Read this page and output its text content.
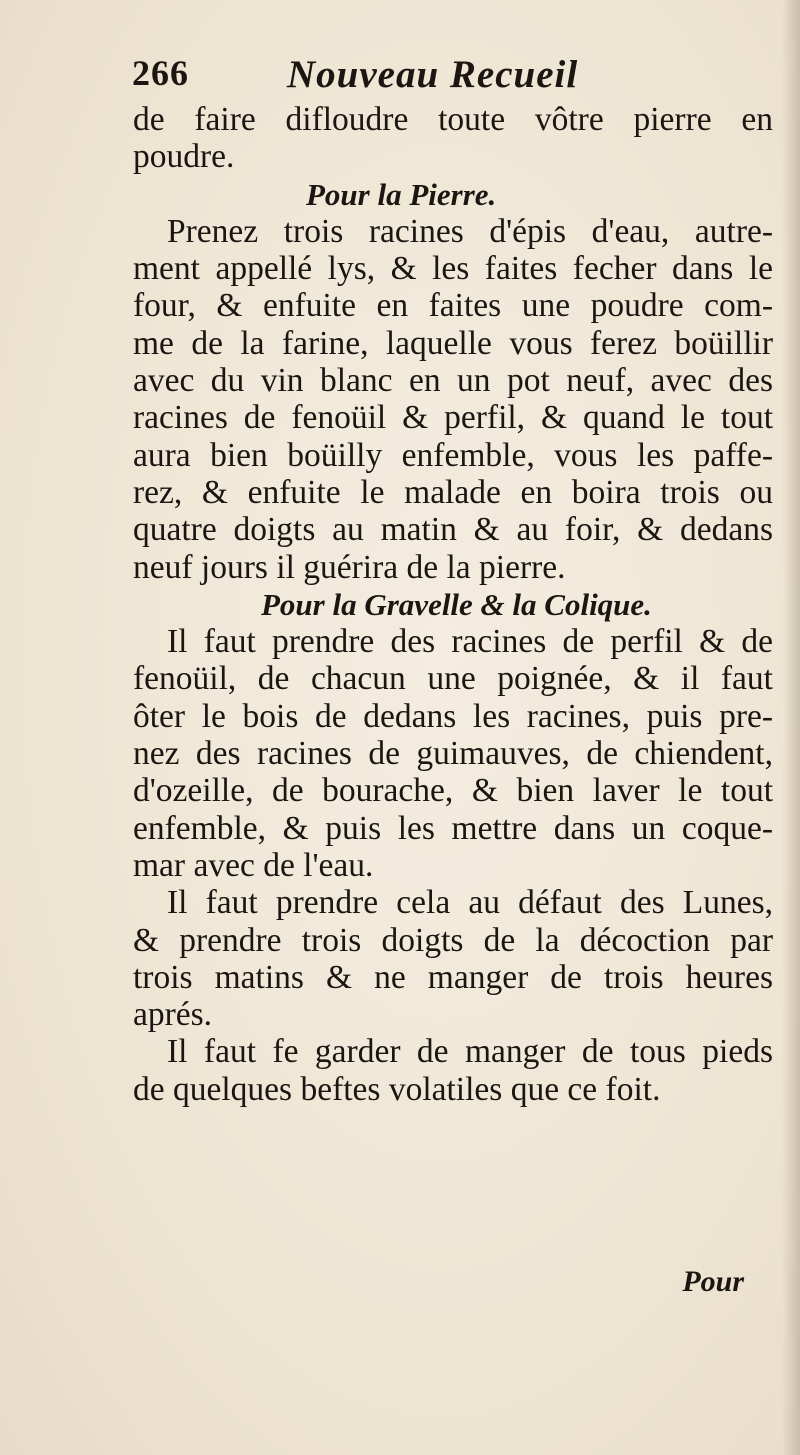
266	Nouveau Recueil
de faire difloudre toute vôtre pierre en
poudre.
Pour la Pierre.
Prenez trois racines d'épis d'eau, autre-
ment appellé lys, & les faites fecher dans le
four, & enfuite en faites une poudre com-
me de la farine, laquelle vous ferez boüillir
avec du vin blanc en un pot neuf, avec des
racines de fenoüil & perfil, & quand le tout
aura bien boüilly enfemble, vous les paffe-
rez, & enfuite le malade en boira trois ou
quatre doigts au matin & au foir, & dedans
neuf jours il guérira de la pierre.
Pour la Gravelle & la Colique.
Il faut prendre des racines de perfil & de
fenoüil, de chacun une poignée, & il faut
ôter le bois de dedans les racines, puis pre-
nez des racines de guimauves, de chiendent,
d'ozeille, de bourache, & bien laver le tout
enfemble, & puis les mettre dans un coque-
mar avec de l'eau.
Il faut prendre cela au défaut des Lunes,
& prendre trois doigts de la décoction par
trois matins & ne manger de trois heures
aprés.
Il faut fe garder de manger de tous pieds
de quelques beftes volatiles que ce foit.
Pour
